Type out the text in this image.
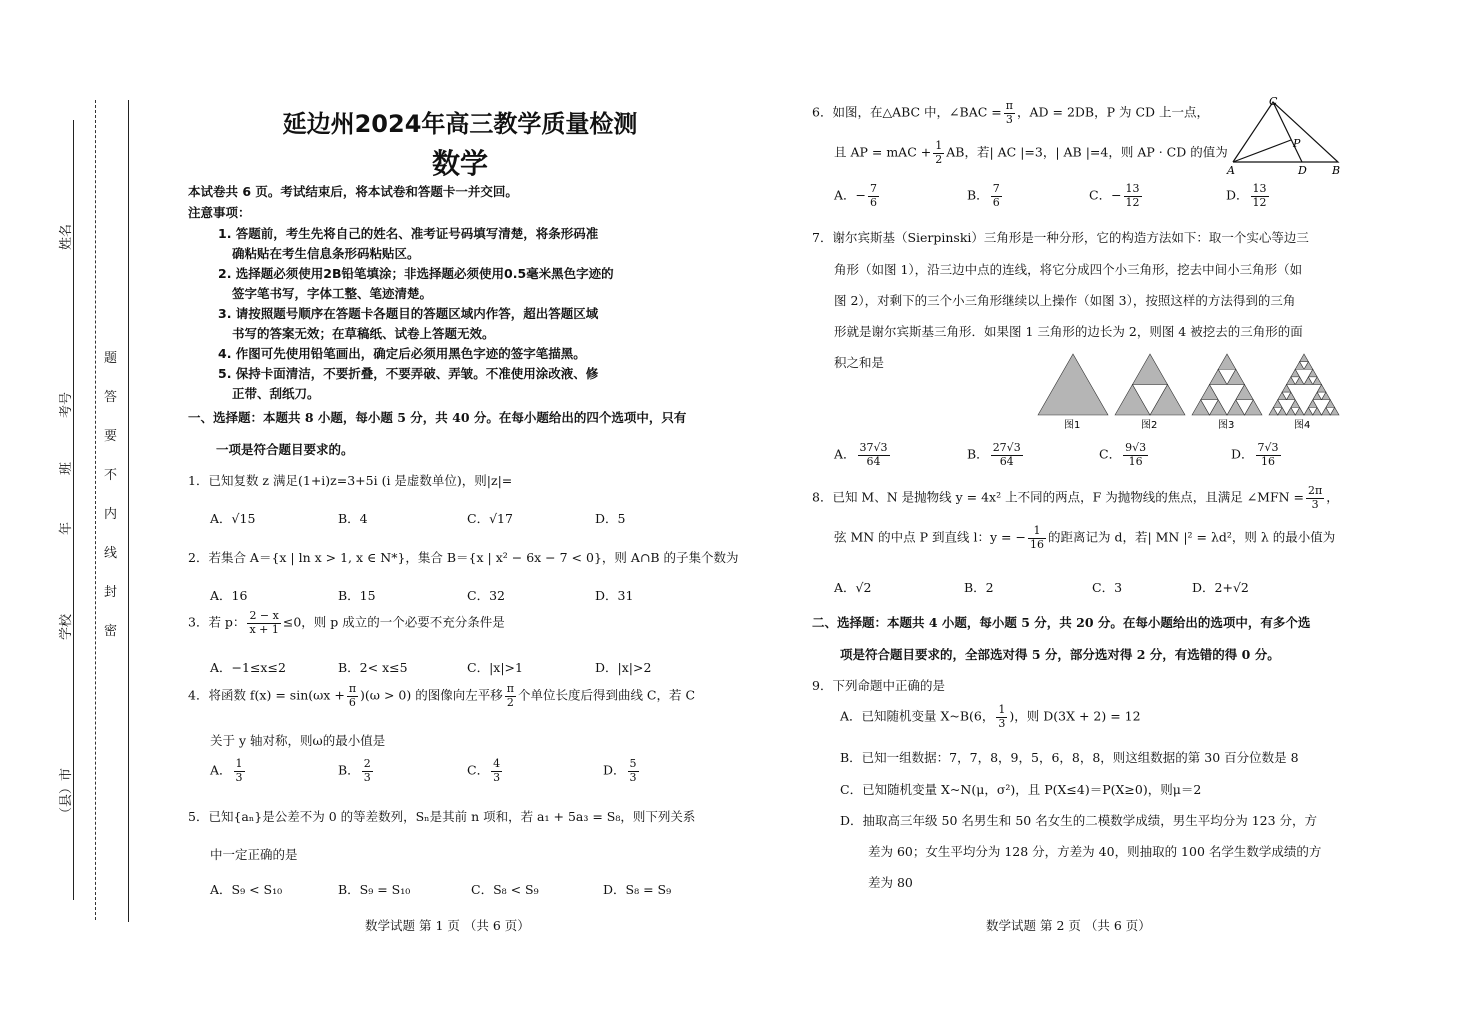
姓名
考号
班
年
学校
（县）市
题
答
要
不
内
线
封
密
延边州2024年高三教学质量检测
数学
本试卷共 6 页。考试结束后，将本试卷和答题卡一并交回。
注意事项：
1. 答题前，考生先将自己的姓名、准考证号码填写清楚，将条形码准
确粘贴在考生信息条形码粘贴区。
2. 选择题必须使用2B铅笔填涂；非选择题必须使用0.5毫米黑色字迹的
签字笔书写，字体工整、笔迹清楚。
3. 请按照题号顺序在答题卡各题目的答题区域内作答，超出答题区域
书写的答案无效；在草稿纸、试卷上答题无效。
4. 作图可先使用铅笔画出，确定后必须用黑色字迹的签字笔描黑。
5. 保持卡面清洁，不要折叠，不要弄破、弄皱。不准使用涂改液、修
正带、刮纸刀。
一、选择题：本题共 8 小题，每小题 5 分，共 40 分。在每小题给出的四个选项中，只有
一项是符合题目要求的。
1．已知复数 z 满足(1+i)z=3+5i (i 是虚数单位)，则|z|=
A．√15	B．4	C．√17	D．5
2．若集合 A＝{x | ln x > 1, x ∈ N*}，集合 B＝{x | x² − 6x − 7 < 0}，则 A∩B 的子集个数为
A．16	B．15	C．32	D．31
3．若 p： $\frac{2 - x}{x + 1} \le 0$，则 p 成立的一个必要不充分条件是
A．−1≤x≤2	B．2< x≤5	C．|x|>1	D．|x|>2
4．将函数 $f(x) = \sin(\omega x + \frac{\pi}{6} )(\omega > 0)$ 的图像向左平移 $\frac{\pi}{2}$ 个单位长度后得到曲线 C，若 C
关于 y 轴对称，则ω的最小值是
A． $\frac{1}{3}$	B． $\frac{2}{3}$	C． $\frac{4}{3}$	D． $\frac{5}{3}$
5．已知{aₙ}是公差不为 0 的等差数列，Sₙ是其前 n 项和，若 a₁ + 5a₃ = S₈，则下列关系
中一定正确的是
A．S₉ < S₁₀	B．S₉ = S₁₀	C．S₈ < S₉	D．S₈ = S₉
数学试题 第 1 页 （共 6 页）
6．如图，在△ABC 中，∠BAC = $\frac{\pi}{3}$ ，AD = 2DB，P 为 CD 上一点，
且 AP = mAC + $\frac{1}{2}$ AB，若| AC |=3，| AB |=4，则 AP · CD 的值为
A	B
C
D
P
A．− $\frac{7}{6}$	B． $\frac{7}{6}$	C．− $\frac{13}{12}$	D． $\frac{13}{12}$
7．谢尔宾斯基（Sierpinski）三角形是一种分形，它的构造方法如下：取一个实心等边三
角形（如图 1），沿三边中点的连线，将它分成四个小三角形，挖去中间小三角形（如
图 2），对剩下的三个小三角形继续以上操作（如图 3），按照这样的方法得到的三角
形就是谢尔宾斯基三角形．如果图 1 三角形的边长为 2，则图 4 被挖去的三角形的面
积之和是
图1	图2	图3	图4
A． $\frac{37√3}{64}$	B． $\frac{27√3}{64}$	C． $\frac{9√3}{16}$	D． $\frac{7√3}{16}$
8．已知 M、N 是抛物线 y = 4x² 上不同的两点，F 为抛物线的焦点，且满足 ∠MFN = $\frac{2\pi}{3}$ ，
弦 MN 的中点 P 到直线 l：y = − $\frac{1}{16}$ 的距离记为 d，若| MN |² = λd²，则 λ 的最小值为
A．√2	B．2	C．3	D．2+√2
二、选择题：本题共 4 小题，每小题 5 分，共 20 分。在每小题给出的选项中，有多个选
项是符合题目要求的，全部选对得 5 分，部分选对得 2 分，有选错的得 0 分。
9．下列命题中正确的是
A．已知随机变量 X~B(6， $\frac{1}{3}$ )，则 D(3X + 2) = 12
B．已知一组数据：7，7，8，9，5，6，8，8，则这组数据的第 30 百分位数是 8
C．已知随机变量 X~N(μ，σ²)，且 P(X≤4)＝P(X≥0)，则μ＝2
D．抽取高三年级 50 名男生和 50 名女生的二模数学成绩，男生平均分为 123 分，方
差为 60；女生平均分为 128 分，方差为 40，则抽取的 100 名学生数学成绩的方
差为 80
数学试题 第 2 页 （共 6 页）
